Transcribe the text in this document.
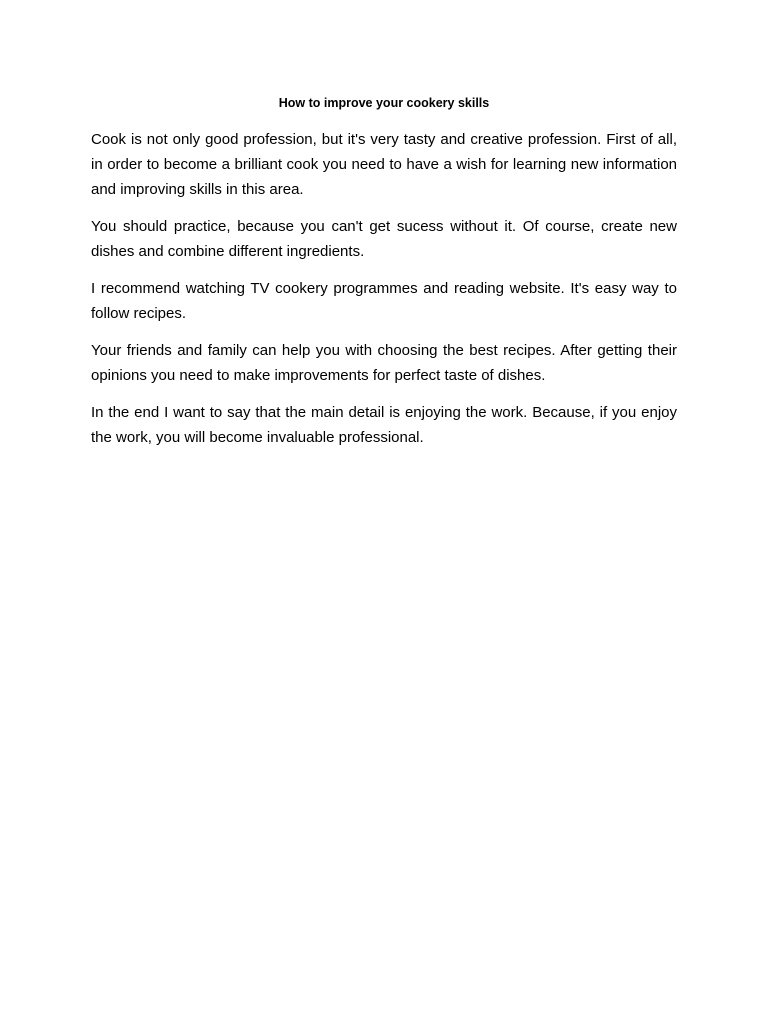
How to improve your cookery skills

Cook is not only good profession, but it's very tasty and creative profession. First of all, in order to become a brilliant cook you need to have a wish for learning new information and improving skills in this area.

You should practice, because you can't get sucess without it. Of course, create new dishes and combine different ingredients.

I recommend watching TV cookery programmes and reading website. It's easy way to follow recipes.

Your friends and family can help you with choosing the best recipes. After getting their opinions you need to make improvements for perfect taste of dishes.

In the end I want to say that the main detail is enjoying the work. Because, if you enjoy the work, you will become invaluable professional.
